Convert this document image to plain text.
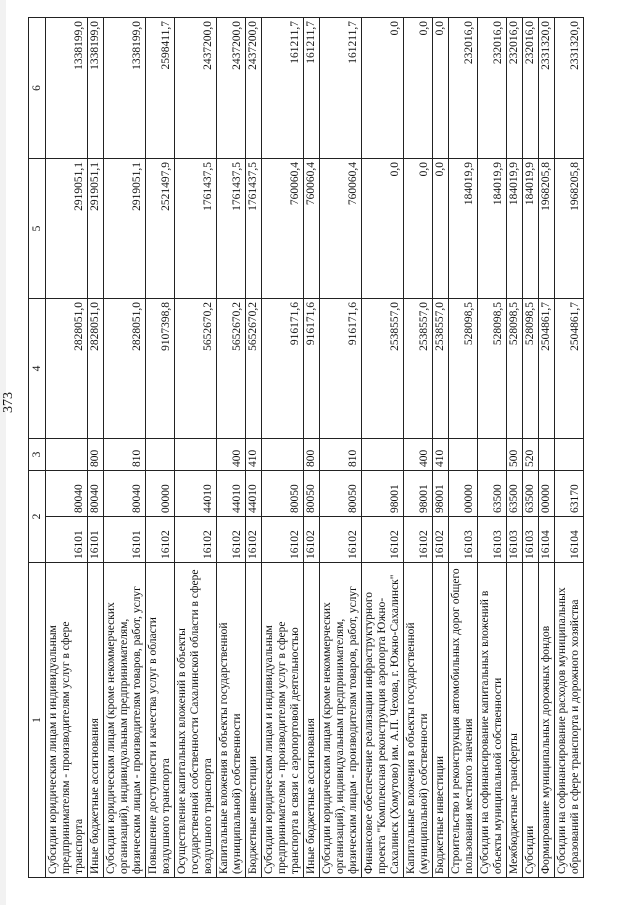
373
1	2		3	4	5	6
Субсидии юридическим лицам и индивидуальным предпринимателям - производителям услуг в сфере транспорта	16101	80040		2828051,0	2919051,1	1338199,0
Иные бюджетные ассигнования	16101	80040	800	2828051,0	2919051,1	1338199,0
Субсидии юридическим лицам (кроме некоммерческих организаций), индивидуальным предпринимателям, физическим лицам - производителям товаров, работ, услуг	16101	80040	810	2828051,0	2919051,1	1338199,0
Повышение доступности и качества услуг в области воздушного транспорта	16102	00000		9107398,8	2521497,9	2598411,7
Осуществление капитальных вложений в объекты государственной собственности Сахалинской области в сфере воздушного транспорта	16102	44010		5652670,2	1761437,5	2437200,0
Капитальные вложения в объекты государственной (муниципальной) собственности	16102	44010	400	5652670,2	1761437,5	2437200,0
Бюджетные инвестиции	16102	44010	410	5652670,2	1761437,5	2437200,0
Субсидии юридическим лицам и индивидуальным предпринимателям - производителям услуг в сфере транспорта в связи с аэропортовой деятельностью	16102	80050		916171,6	760060,4	161211,7
Иные бюджетные ассигнования	16102	80050	800	916171,6	760060,4	161211,7
Субсидии юридическим лицам (кроме некоммерческих организаций), индивидуальным предпринимателям, физическим лицам - производителям товаров, работ, услуг	16102	80050	810	916171,6	760060,4	161211,7
Финансовое обеспечение реализации инфраструктурного проекта "Комплексная реконструкция аэропорта Южно-Сахалинск (Хомутово) им. А.П. Чехова, г. Южно-Сахалинск"	16102	98001		2538557,0	0,0	0,0
Капитальные вложения в объекты государственной (муниципальной) собственности	16102	98001	400	2538557,0	0,0	0,0
Бюджетные инвестиции	16102	98001	410	2538557,0	0,0	0,0
Строительство и реконструкция автомобильных дорог общего пользования местного значения	16103	00000		528098,5	184019,9	232016,0
Субсидии на софинансирование капитальных вложений в объекты муниципальной собственности	16103	63500		528098,5	184019,9	232016,0
Межбюджетные трансферты	16103	63500	500	528098,5	184019,9	232016,0
Субсидии	16103	63500	520	528098,5	184019,9	232016,0
Формирование муниципальных дорожных фондов	16104	00000		2504861,7	1968205,8	2331320,0
Субсидии на софинансирование расходов муниципальных образований в сфере транспорта и дорожного хозяйства	16104	63170		2504861,7	1968205,8	2331320,0
